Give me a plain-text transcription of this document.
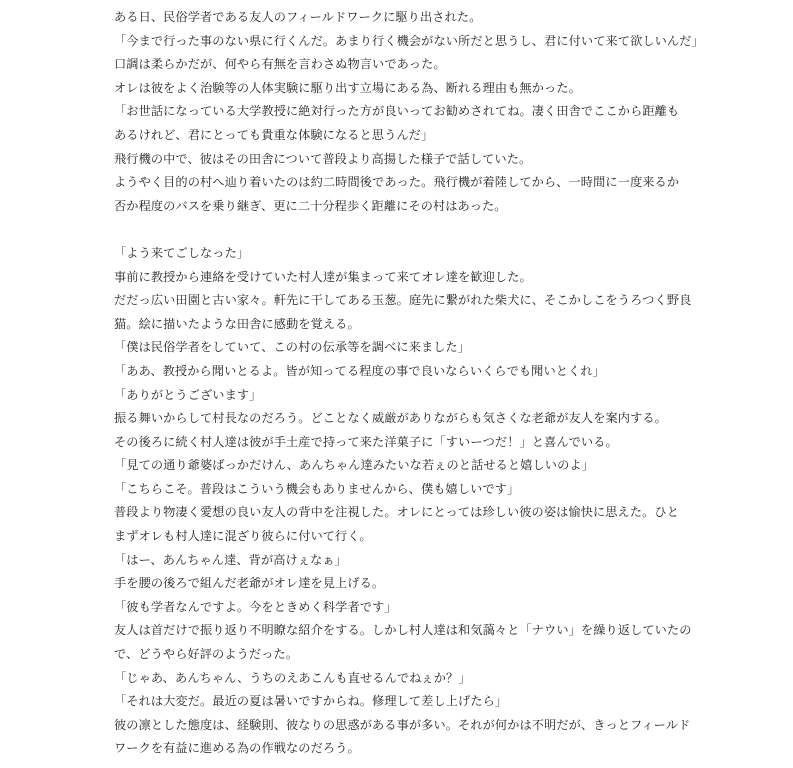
ある日、民俗学者である友人のフィールドワークに駆り出された。
「今まで行った事のない県に行くんだ。あまり行く機会がない所だと思うし、君に付いて来て欲しいんだ」
口調は柔らかだが、何やら有無を言わさぬ物言いであった。
オレは彼をよく治験等の人体実験に駆り出す立場にある為、断れる理由も無かった。
「お世話になっている大学教授に絶対行った方が良いってお勧めされてね。凄く田舎でここから距離も
あるけれど、君にとっても貴重な体験になると思うんだ」
飛行機の中で、彼はその田舎について普段より高揚した様子で話していた。
ようやく目的の村へ辿り着いたのは約二時間後であった。飛行機が着陸してから、一時間に一度来るか
否か程度のバスを乗り継ぎ、更に二十分程歩く距離にその村はあった。
「よう来てごしなった」
事前に教授から連絡を受けていた村人達が集まって来てオレ達を歓迎した。
だだっ広い田園と古い家々。軒先に干してある玉葱。庭先に繋がれた柴犬に、そこかしこをうろつく野良
猫。絵に描いたような田舎に感動を覚える。
「僕は民俗学者をしていて、この村の伝承等を調べに来ました」
「ああ、教授から聞いとるよ。皆が知ってる程度の事で良いならいくらでも聞いとくれ」
「ありがとうございます」
振る舞いからして村長なのだろう。どことなく威厳がありながらも気さくな老爺が友人を案内する。
その後ろに続く村人達は彼が手土産で持って来た洋菓子に「すいーつだ！」と喜んでいる。
「見ての通り爺婆ばっかだけん、あんちゃん達みたいな若ぇのと話せると嬉しいのよ」
「こちらこそ。普段はこういう機会もありませんから、僕も嬉しいです」
普段より物凄く愛想の良い友人の背中を注視した。オレにとっては珍しい彼の姿は愉快に思えた。ひと
まずオレも村人達に混ざり彼らに付いて行く。
「はー、あんちゃん達、背が高けぇなぁ」
手を腰の後ろで組んだ老爺がオレ達を見上げる。
「彼も学者なんですよ。今をときめく科学者です」
友人は首だけで振り返り不明瞭な紹介をする。しかし村人達は和気藹々と「ナウい」を繰り返していたの
で、どうやら好評のようだった。
「じゃあ、あんちゃん、うちのえあこんも直せるんでねぇか？」
「それは大変だ。最近の夏は暑いですからね。修理して差し上げたら」
彼の凛とした態度は、経験則、彼なりの思惑がある事が多い。それが何かは不明だが、きっとフィールド
ワークを有益に進める為の作戦なのだろう。
